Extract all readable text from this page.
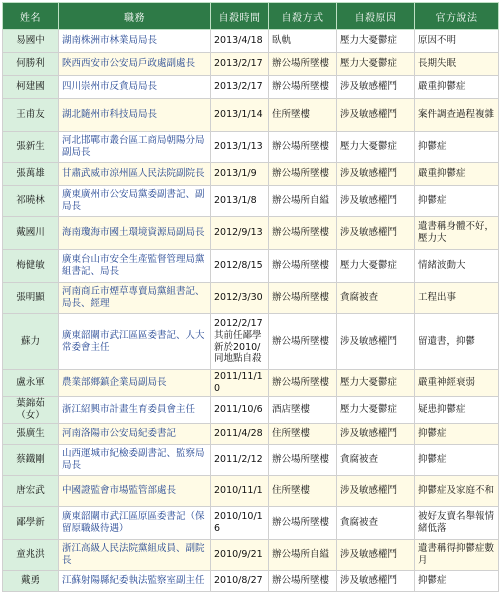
姓名	職務	自殺時間	自殺方式	自殺原因	官方說法
易國中	湖南株洲市林業局局長	2013/4/18	臥軌	壓力大憂鬱症	原因不明
何勝利	陝西西安市公安局戶政處副處長	2013/2/17	辦公場所墜樓	壓力大憂鬱症	長期失眠
柯建國	四川崇州市反貪局局長	2013/2/17	辦公場所墜樓	涉及敏感權鬥	嚴重抑鬱症
王甫友	湖北隨州市科技局局長	2013/1/14	住所墜樓	涉及敏感權鬥	案件調查過程複雜
張新生	河北邯鄲市叢台區工商局朝陽分局副局長	2013/1/13	辦公場所墜樓	壓力大憂鬱症	抑鬱症
張萬雄	甘肅武威市涼州區人民法院副院長	2013/1/9	辦公場所墜樓	涉及敏感權鬥	嚴重抑鬱症
祁曉林	廣東廣州市公安局黨委副書記、副局長	2013/1/8	辦公場所自縊	涉及敏感權鬥	抑鬱症
戴國川	海南瓊海市國土環境資源局副局長	2012/9/13	辦公場所墜樓	涉及敏感權鬥	遺書稱身體不好，壓力大
梅健敏	廣東台山市安全生產監督管理局黨組書記、局長	2012/8/15	辦公場所墜樓	壓力大憂鬱症	情緒波動大
張明顯	河南商丘市煙草專賣局黨組書記、局長、經理	2012/3/30	辦公場所墜樓	貪腐被查	工程出事
蘇力	廣東韶關市武江區區委書記、人大常委會主任	2012/2/17其前任鄙學新於2010/同地點自殺	辦公場所墜樓	涉及敏感權鬥	留遺書，抑鬱
盧永軍	農業部鄉鎮企業局副局長	2011/11/10	辦公場所墜樓	壓力大憂鬱症	嚴重神經衰弱
葉錦茹（女）	浙江紹興市計畫生育委員會主任	2011/10/6	酒店墜樓	壓力大憂鬱症	疑患抑鬱症
張廣生	河南洛陽市公安局紀委書記	2011/4/28	住所墜樓	涉及敏感權鬥	抑鬱症
蔡鐵剛	山西運城市紀檢委副書記、監察局局長	2011/2/12	辦公場所墜樓	貪腐被查	抑鬱症
唐宏武	中國證監會市場監管部處長	2010/11/1	住所墜樓	涉及敏感權鬥	抑鬱症及家庭不和
鄙學新	廣東韶關市武江區原區委書記（保留原職級待遇）	2010/10/16	辦公場所墜樓	貪腐被查	被好友賣名舉報情緒低落
童兆洪	浙江高級人民法院黨組成員、副院長	2010/9/21	辦公場所自縊	涉及敏感權鬥	遺書稱得抑鬱症數月
戴勇	江蘇射陽縣紀委執法監察室副主任	2010/8/27	辦公場所墜樓	涉及敏感權鬥	抑鬱症
